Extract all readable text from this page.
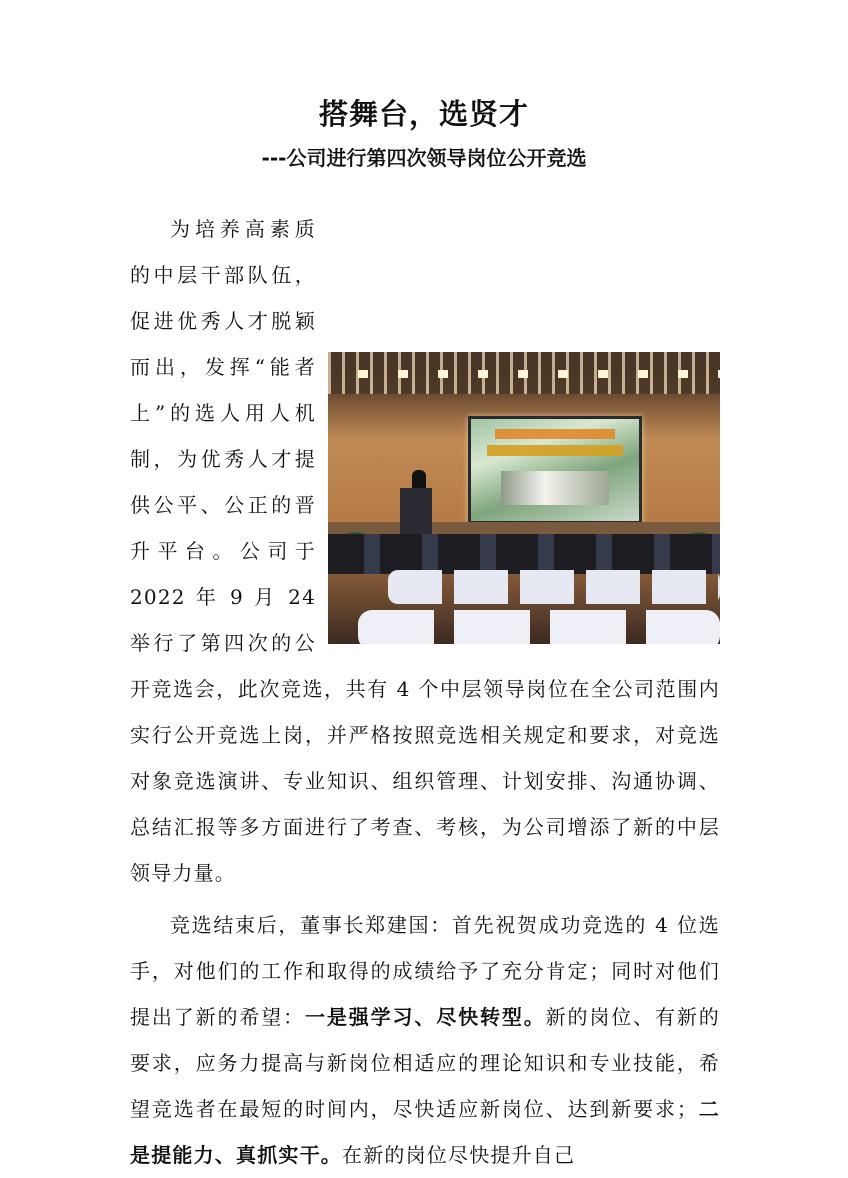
搭舞台，选贤才
---公司进行第四次领导岗位公开竞选

为培养高素质的中层干部队伍，促进优秀人才脱颖而出，发挥“能者上”的选人用人机制，为优秀人才提供公平、公正的晋升平台。公司于 2022 年 9 月 24 举行了第四次的公开竞选会，此次竞选，共有 4 个中层领导岗位在全公司范围内实行公开竞选上岗，并严格按照竞选相关规定和要求，对竞选对象竞选演讲、专业知识、组织管理、计划安排、沟通协调、总结汇报等多方面进行了考查、考核，为公司增添了新的中层领导力量。

竞选结束后，董事长郑建国：首先祝贺成功竞选的 4 位选手，对他们的工作和取得的成绩给予了充分肯定；同时对他们提出了新的希望：一是强学习、尽快转型。新的岗位、有新的要求，应务力提高与新岗位相适应的理论知识和专业技能，希望竞选者在最短的时间内，尽快适应新岗位、达到新要求；二是提能力、真抓实干。在新的岗位尽快提升自己
